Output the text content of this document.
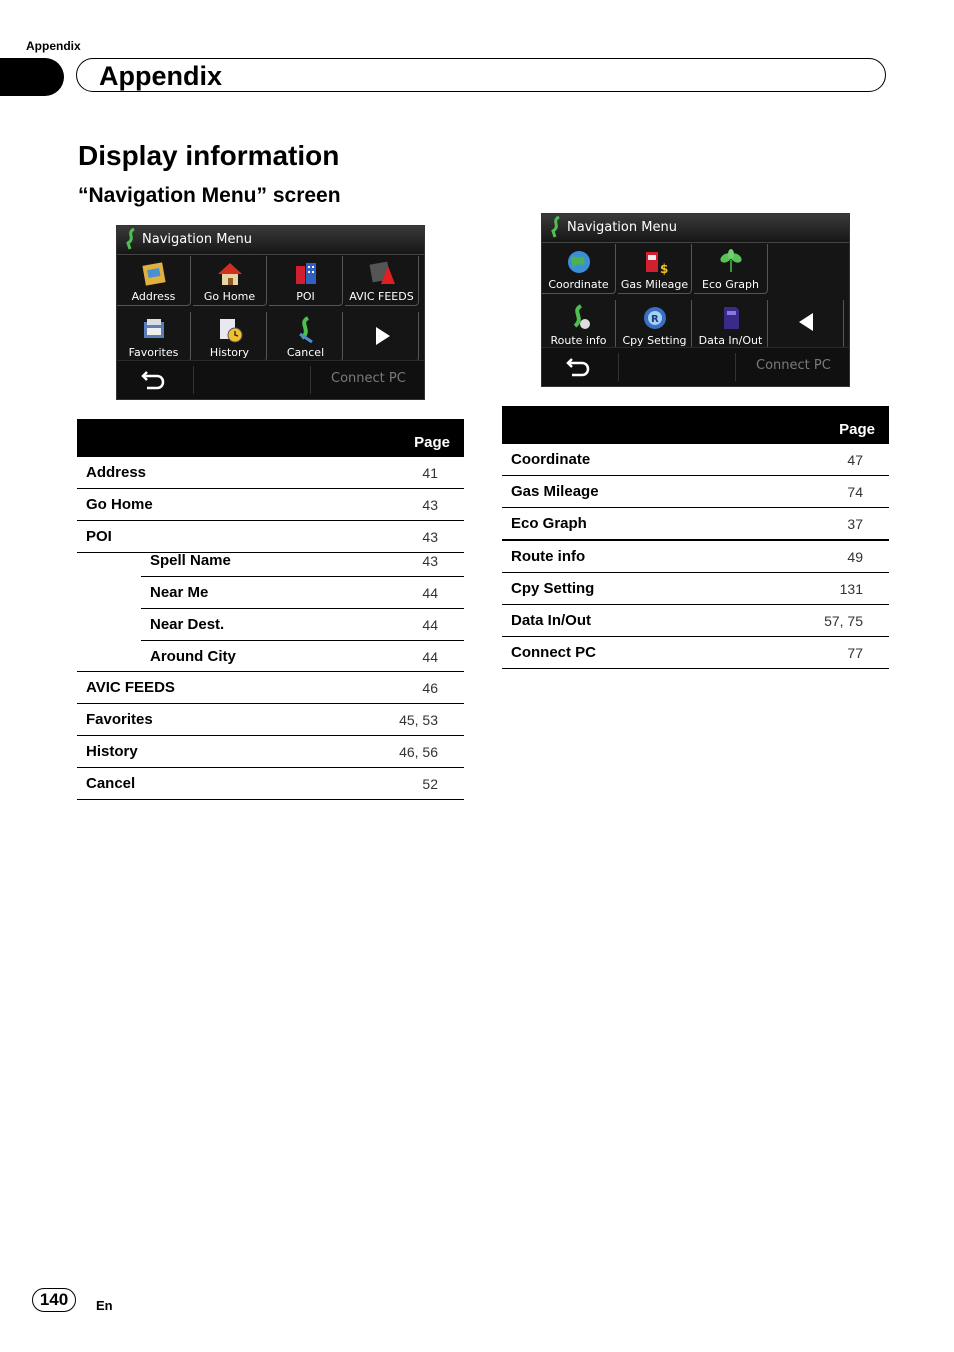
Appendix
Appendix
Display information
“Navigation Menu” screen
Navigation Menu
Address	Go Home	POI	AVIC FEEDS
Favorites	History	Cancel
Connect PC
Navigation Menu
Coordinate
$
Gas Mileage	Eco Graph
Route info
R
Cpy Setting	Data In/Out
Connect PC
Page	
Address	41
Go Home	43
POI	43
Spell Name	43
Near Me	44
Near Dest.	44
Around City	44
AVIC FEEDS	46
Favorites	45, 53
History	46, 56
Cancel	52
Page	
Coordinate	47
Gas Mileage	74
Eco Graph	37
Route info	49
Cpy Setting	131
Data In/Out	57, 75
Connect PC	77
140	En
